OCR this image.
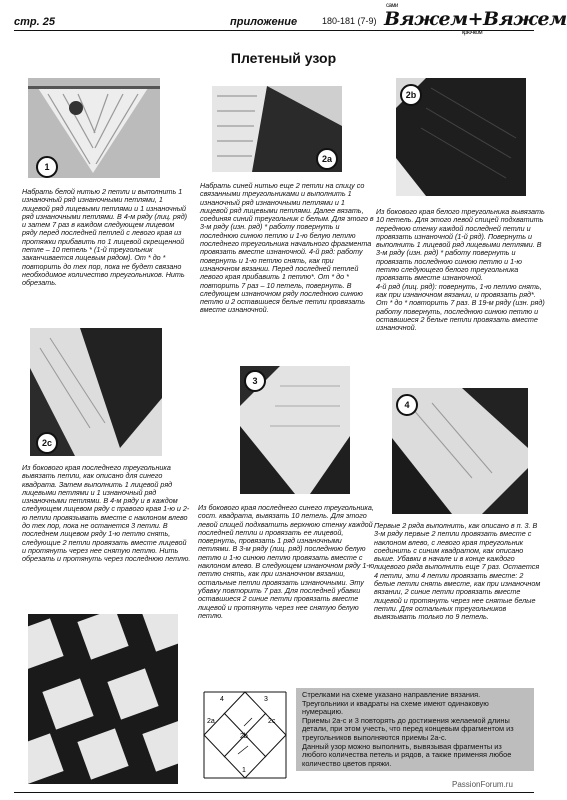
стр. 25	приложение	180-181 (7-9)
сами
Вяжем+Вяжем
крючком
Плетеный узор
1
2a
2b
Набрать белой нитью 2 петли и выполнить 1 изнаночный ряд изнаночными петлями, 1 лицевой ряд лицевыми петлями и 1 изнаночный ряд изнаночными петлями. В 4-м ряду (лиц. ряд) и затем 7 раз в каждом следующем лицевом ряду перед последней петлей с левого края из протяжки прибавить по 1 лицевой скрещенной петле – 10 петель * (1-й треугольник заканчивается лицевым рядом). От * до * повторить до тех пор, пока не будет связано необходимое количество треугольников. Нить обрезать.
Набрать синей нитью еще 2 петли на спицу со связанными треугольниками и выполнить 1 изнаночный ряд изнаночными петлями и 1 лицевой ряд лицевыми петлями. Далее вязать, соединяя синий треугольник с белым. Для этого в 3-м ряду (изн. ряд) * работу повернуть и последнюю синюю петлю и 1-ю белую петлю последнего треугольника начального фрагмента провязать вместе изнаночной. 4-й ряд: работу повернуть и 1-ю петлю снять, как при изнаночном вязании. Перед последней петлей левого края прибавить 1 петлю*. От * до * повторить 7 раз – 10 петель, повернуть. В следующем изнаночном ряду последнюю синюю петлю и 2 оставшиеся белые петли провязать вместе изнаночной.
Из бокового края белого треугольника вывязать 10 петель. Для этого левой спицей подхватить переднюю стенку каждой последней петли и провязать изнаночной (1-й ряд). Повернуть и выполнить 1 лицевой ряд лицевыми петлями. В 3-м ряду (изн. ряд) * работу повернуть и провязать последнюю синюю петлю и 1-ю петлю следующего белого треугольника провязать вместе изнаночной.
4-й ряд (лиц. ряд): повернуть, 1-ю петлю снять, как при изнаночном вязании, и провязать ряд*. От * до * повторить 7 раз. В 19-м ряду (изн. ряд) работу повернуть, последнюю синюю петлю и оставшиеся 2 белые петли провязать вместе изнаночной.
2c
3
4
Из бокового края последнего треугольника вывязать петли, как описано для синего квадрата. Затем выполнить 1 лицевой ряд лицевыми петлями и 1 изнаночный ряд изнаночными петлями. В 4-м ряду и в каждом следующем лицевом ряду с правого края 1-ю и 2-ю петли провязывать вместе с наклоном влево до тех пор, пока не останется 3 петли. В последнем лицевом ряду 1-ю петлю снять, следующие 2 петли провязать вместе лицевой и протянуть через нее снятую петлю. Нить обрезать и протянуть через последнюю петлю.
Из бокового края последнего синего треугольника, сост. квадрата, вывязать 10 петель. Для этого левой спицей подхватить верхнюю стенку каждой последней петли и провязать ее лицевой, повернуть, провязать 1 ряд изнаночными петлями. В 3-м ряду (лиц. ряд) последнюю белую петлю и 1-ю синюю петлю провязать вместе с наклоном влево. В следующем изнаночном ряду 1-ю петлю снять, как при изнаночном вязании, остальные петли провязать изнаночными. Эту убавку повторить 7 раз. Для последней убавки оставшиеся 2 синие петли провязать вместе лицевой и протянуть через нее снятую белую петлю.
Первые 2 ряда выполнить, как описано в п. 3. В 3-м ряду первые 2 петли провязать вместе с наклоном влево, с левого края треугольник соединить с синим квадратом, как описано выше. Убавки в начале и в конце каждого лицевого ряда выполнить еще 7 раз. Остается 4 петли, эти 4 петли провязать вместе: 2 белые петли снять вместе, как при изнаночном вязании, 2 синие петли провязать вместе лицевой и протянуть через нее снятые белые петли. Для остальных треугольников вывязывать только по 9 петель.
4	3
2a
2b
2c
1
Стрелками на схеме указано направление вязания. Треугольники и квадраты на схеме имеют одинаковую нумерацию.
Приемы 2а-с и 3 повторять до достижения желаемой длины детали, при этом учесть, что перед концевым фрагментом из треугольников выполняются приемы 2а-с.
Данный узор можно выполнить, вывязывая фрагменты из любого количества петель и рядов, а также применяя любое количество цветов пряжи.
PassionForum.ru
